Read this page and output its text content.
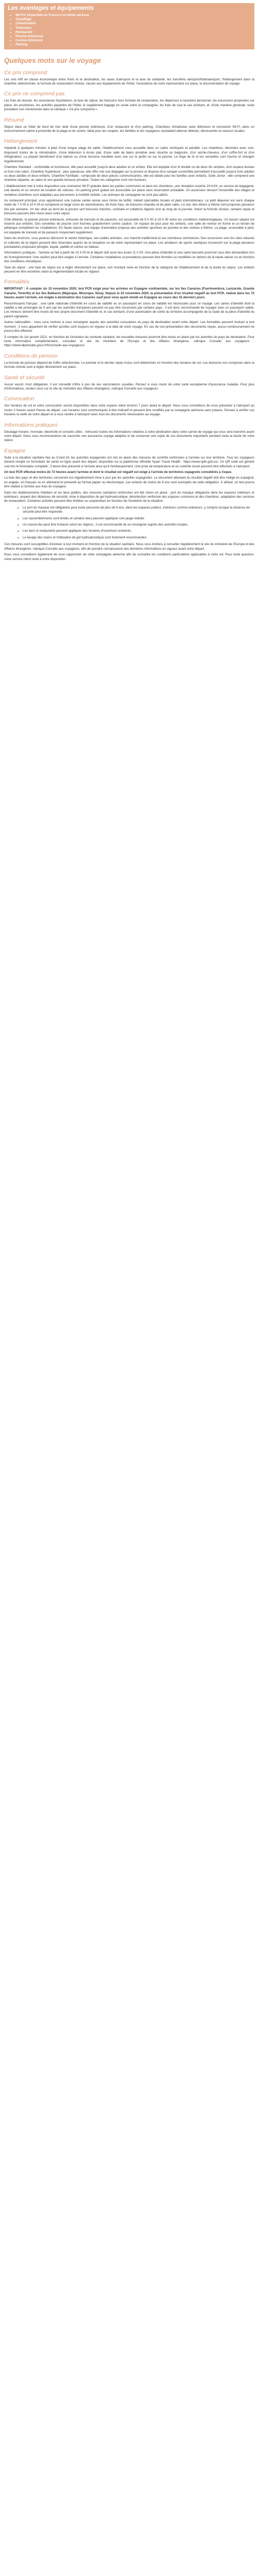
Les avantages et équipements
• Wi-Fi® disponible en France à la même adresse
• Chauffage
• Climatisation
• Télévision
• Restaurant
• Piscine extérieure
• Cuisine intérieure
• Parking
Quelques mots sur le voyage
Ce prix comprend

Les vols A/R en classe économique entre Paris et la destination, les taxes d'aéroport et la taxe de solidarité, les transferts aéroport/hôtel/aéroport, l'hébergement dans la chambre sélectionnée, la formule de restauration choisie, l'accès aux équipements de l'hôtel, l'assistance de notre représentant sur place, la documentation de voyage.

Ce prix ne comprend pas

Les frais de dossier, les assurances facultatives, la taxe de séjour, les boissons hors formule de restauration, les dépenses à caractère personnel, les excursions proposées sur place, les pourboires, les activités payantes de l'hôtel, le supplément bagage en soute selon la compagnie, les frais de visa le cas échéant, et, d'une manière générale, toute prestation non mentionnée dans la rubrique « Ce prix comprend ».

Résumé

Séjour dans un hôtel de bord de mer doté d'une piscine extérieure, d'un restaurant et d'un parking. Chambres climatisées avec télévision et connexion Wi-Fi, dans un environnement calme à proximité de la plage et du centre. Idéal pour les couples, les familles et les voyageurs souhaitant alterner détente, découvertes et saveurs locales.

Hébergement

Implanté à quelques minutes à pied d'une longue plage de sable, l'établissement vous accueille dans un cadre verdoyant et paisible. Les chambres, décorées avec soin, disposent toutes de la climatisation, d'une télévision à écran plat, d'une salle de bains privative avec douche ou baignoire, d'un sèche-cheveux, d'un coffre-fort et d'un réfrigérateur. La plupart bénéficient d'un balcon ou d'une terrasse meublée avec vue sur le jardin ou sur la piscine. Le linge de lit et les serviettes sont fournis et changés régulièrement.

Chambre Standard : confortable et lumineuse, elle peut accueillir jusqu'à deux adultes et un enfant. Elle est équipée d'un lit double ou de deux lits simples, d'un espace bureau et d'un coin salon. Chambre Supérieure : plus spacieuse, elle offre une vue dégagée sur la piscine et dispose d'un canapé convertible permettant d'accueillir jusqu'à trois adultes ou deux adultes et deux enfants. Chambre Familiale : composée de deux pièces communicantes, elle est idéale pour les familles avec enfants. Suite Junior : elle comprend une chambre séparée, un salon et une grande terrasse privative. Toutes les catégories sont non-fumeurs.

L'établissement met à votre disposition une connexion Wi-Fi gratuite dans les parties communes et dans les chambres, une réception ouverte 24 h/24, un service de bagagerie, une laverie et un service de location de voitures. Un parking privé gratuit est accessible sur place sans réservation préalable. Un ascenseur dessert l'ensemble des étages et certaines chambres sont adaptées aux personnes à mobilité réduite. Les animaux de compagnie ne sont pas admis.

Au restaurant principal, vous apprécierez une cuisine variée servie sous forme de buffet, mêlant spécialités locales et plats internationaux. Le petit déjeuner est servi chaque matin de 7 h 00 à 10 h 00 et comprend un large choix de viennoiseries, de fruits frais, de boissons chaudes et de plats salés. Le soir, des dîners à thème sont proposés plusieurs fois par semaine. Un bar situé au bord de la piscine sert boissons fraîches, cocktails et collations légères tout au long de la journée. Selon la formule choisie, certains repas et boissons peuvent être inclus dans votre séjour.

Côté détente, la grande piscine extérieure, entourée de transats et de parasols, est accessible de 9 h 00 à 19 h 00 selon les conditions météorologiques. Un bassin séparé est réservé aux enfants. Des serviettes de piscine sont fournies gratuitement contre caution. Un espace de jeux pour les enfants, une salle de remise en forme et un terrain de pétanque complètent les installations. En haute saison, une équipe d'animation propose des activités sportives en journée et des soirées à thème. La plage, accessible à pied, est équipée de transats et de parasols moyennant supplément.

Dans les environs, vous pourrez découvrir le centre historique, ses ruelles animées, son marché traditionnel et ses nombreux commerces. Des excursions vers les sites naturels et culturels de la région peuvent être réservées auprès de la réception ou de notre représentant sur place. Les amateurs de sports nautiques trouveront sur la plage plusieurs prestataires proposant plongée, kayak, paddle et sorties en bateau.

Informations pratiques : l'arrivée se fait à partir de 15 h 00 et le départ doit avoir lieu avant 11 h 00. Une pièce d'identité et une carte bancaire pourront vous être demandées lors de l'enregistrement. Une caution peut être exigée à l'arrivée. Certaines installations et prestations peuvent être fermées ou modifiées en dehors de la haute saison ou en fonction des conditions climatiques.

Taxe de séjour : une taxe de séjour est à régler directement sur place, son montant varie en fonction de la catégorie de l'établissement et de la durée du séjour. Les enfants peuvent en être exonérés selon la réglementation locale en vigueur.

Formalités

IMPORTANT : À compter du 15 novembre 2020, test PCR exigé pour les arrivées en Espagne continentale, sur les îles Canaries (Fuerteventura, Lanzarote, Grande Canarie, Tenerife) et les îles Baléares (Majorque, Minorque, Ibiza). Depuis le 23 novembre 2020, la présentation d'un résultat négatif au test PCR, réalisé dans les 72 heures avant l'arrivée, est exigée à destination des Canaries sauf pour ceux ayant résidé en Espagne au cours des 15 derniers jours.

Ressortissants français : une carte nationale d'identité en cours de validité ou un passeport en cours de validité est nécessaire pour ce voyage. Les cartes d'identité dont la validité a été prolongée de 5 ans par les autorités françaises peuvent ne pas être reconnues par certains pays ; il est donc recommandé de voyager avec un passeport valide. Les mineurs doivent être munis de leur propre document d'identité et, le cas échéant, d'une autorisation de sortie du territoire accompagnée de la copie de la pièce d'identité du parent signataire.

Autres nationalités : nous vous invitons à vous renseigner auprès des autorités consulaires du pays de destination avant votre départ. Les formalités peuvent évoluer à tout moment ; il vous appartient de vérifier qu'elles sont toujours en vigueur à la date de votre voyage. En cas de non-présentation des documents requis, aucun remboursement ne pourra être effectué.

À compter du 1er janvier 2021, en fonction de l'évolution du contexte sanitaire, de nouvelles mesures pourront être mises en place par les autorités du pays de destination. Pour toute information complémentaire, consultez le site du ministère de l'Europe et des Affaires étrangères, rubrique Conseils aux voyageurs : https://www.diplomatie.gouv.fr/fr/conseils-aux-voyageurs/.

Conditions de pension

La formule de pension dépend de l'offre sélectionnée. Le premier et le dernier repas inclus sont déterminés en fonction des horaires de vol. Les boissons non comprises dans la formule choisie sont à régler directement sur place.

Santé et sécurité

Aucun vaccin n'est obligatoire. Il est conseillé d'être à jour de ses vaccinations usuelles. Pensez à vous munir de votre carte européenne d'assurance maladie. Pour plus d'informations, rendez-vous sur le site du ministère des Affaires étrangères, rubrique Conseils aux voyageurs.

Convocation

Vos horaires de vol et votre convocation seront disponibles dans votre espace client environ 7 jours avant le départ. Nous vous conseillons de vous présenter à l'aéroport au moins 2 heures avant l'heure de départ. Les horaires sont communiqués à titre indicatif et peuvent être modifiés par la compagnie aérienne sans préavis. Pensez à vérifier vos horaires la veille de votre départ et à vous rendre à l'aéroport avec tous les documents nécessaires au voyage.

Informations pratiques

Décalage horaire, monnaie, électricité et conseils utiles : retrouvez toutes les informations relatives à votre destination dans votre carnet de voyage qui vous sera transmis avant votre départ. Nous vous recommandons de souscrire une assurance voyage adaptée et de conserver une copie de vos documents importants pendant toute la durée de votre séjour.

Espagne

Suite à la situation sanitaire liée au Covid-19, les autorités espagnoles ont mis en place des mesures de contrôle renforcées à l'arrivée sur leur territoire. Tous les voyageurs doivent remplir un formulaire de santé en ligne avant leur départ, disponible sur la plateforme officielle Spain Travel Health : https://www.spth.gob.es/. Un QR code est généré une fois le formulaire complété ; il devra être présenté à l'arrivée ainsi qu'à l'embarquement. Une prise de température et un contrôle visuel peuvent être effectués à l'aéroport.

Un test PCR effectué moins de 72 heures avant l'arrivée et dont le résultat est négatif est exigé à l'arrivée de territoires espagnols considérés à risque.

La liste des pays et des territoires concernés est régulièrement mise à jour par les autorités espagnoles. Le document attestant du résultat négatif doit être rédigé en espagnol, en anglais, en français ou en allemand et présenté au format papier ou électronique. Les enfants de moins de 6 ans sont exemptés de cette obligation. À défaut, un test pourra être réalisé à l'arrivée aux frais du voyageur.

Dans les établissements hôteliers et les lieux publics, des mesures sanitaires renforcées ont été mises en place : port du masque obligatoire dans les espaces intérieurs et extérieurs, respect des distances de sécurité, mise à disposition de gel hydroalcoolique, désinfection renforcée des espaces communs et des chambres, adaptation des services de restauration. Certaines activités peuvent être limitées ou suspendues en fonction de l'évolution de la situation.

• Le port du masque est obligatoire pour toute personne de plus de 6 ans, dans les espaces publics, intérieurs comme extérieurs, y compris lorsque la distance de sécurité peut être respectée.
• Les rassemblements sont limités et certains lieux peuvent appliquer une jauge réduite.
• Un couvre-feu peut être instauré selon les régions ; il est recommandé de se renseigner auprès des autorités locales.
• Les bars et restaurants peuvent appliquer des horaires d'ouverture restreints.
• Le lavage des mains et l'utilisation de gel hydroalcoolique sont fortement recommandés.

Ces mesures sont susceptibles d'évoluer à tout moment en fonction de la situation sanitaire. Nous vous invitons à consulter régulièrement le site du ministère de l'Europe et des Affaires étrangères, rubrique Conseils aux voyageurs, afin de prendre connaissance des dernières informations en vigueur avant votre départ.

Nous vous conseillons également de vous rapprocher de votre compagnie aérienne afin de connaître les conditions particulières applicables à votre vol. Pour toute question, notre service client reste à votre disposition.
